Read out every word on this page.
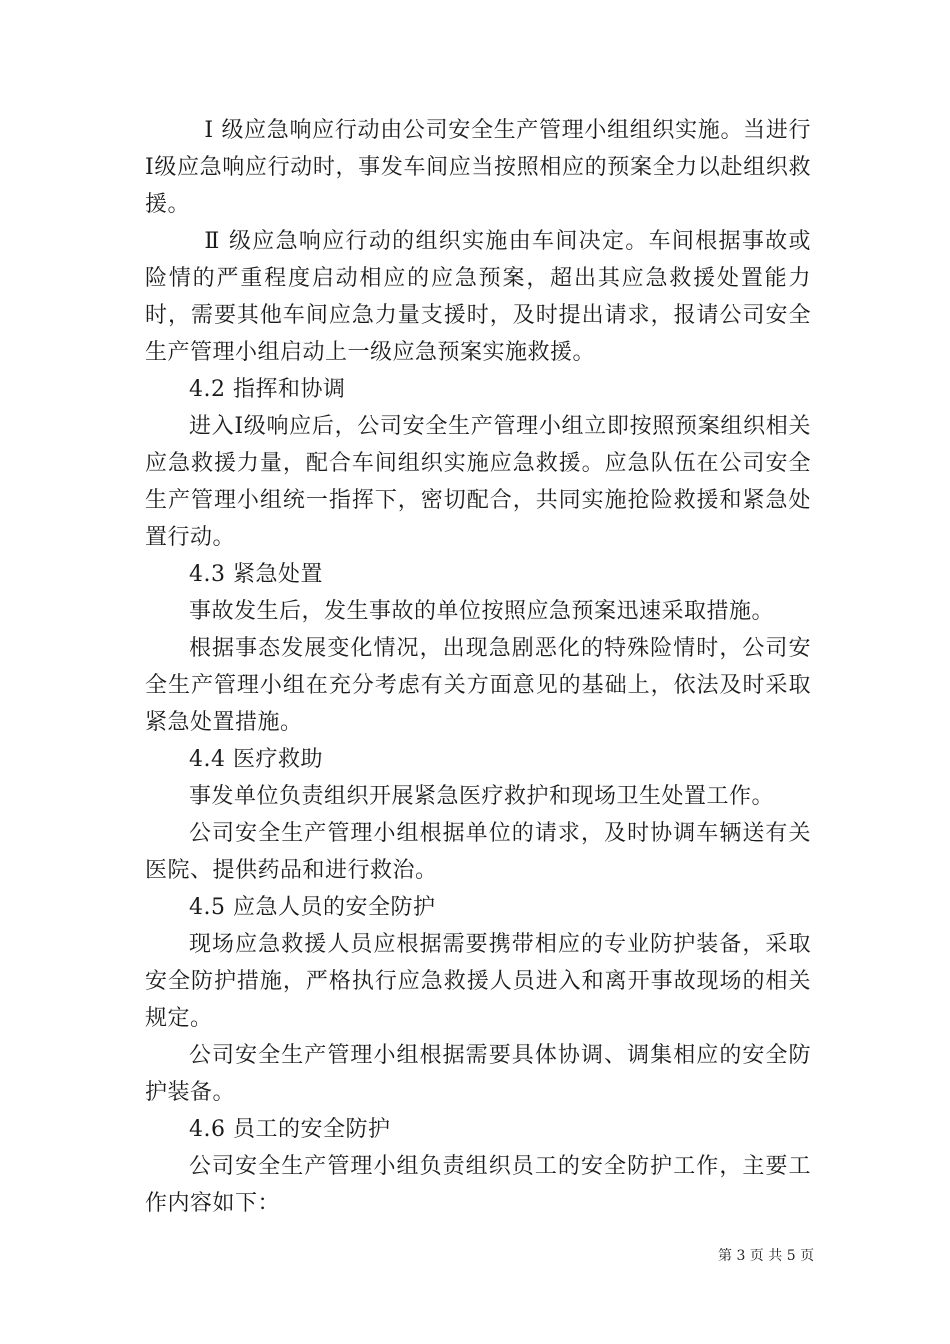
Ⅰ 级应急响应行动由公司安全生产管理小组组织实施。当进行Ⅰ级应急响应行动时，事发车间应当按照相应的预案全力以赴组织救援。

Ⅱ 级应急响应行动的组织实施由车间决定。车间根据事故或险情的严重程度启动相应的应急预案，超出其应急救援处置能力时，需要其他车间应急力量支援时，及时提出请求，报请公司安全生产管理小组启动上一级应急预案实施救援。

4.2 指挥和协调

进入Ⅰ级响应后，公司安全生产管理小组立即按照预案组织相关应急救援力量，配合车间组织实施应急救援。应急队伍在公司安全生产管理小组统一指挥下，密切配合，共同实施抢险救援和紧急处置行动。

4.3 紧急处置

事故发生后，发生事故的单位按照应急预案迅速采取措施。

根据事态发展变化情况，出现急剧恶化的特殊险情时，公司安全生产管理小组在充分考虑有关方面意见的基础上，依法及时采取紧急处置措施。

4.4 医疗救助

事发单位负责组织开展紧急医疗救护和现场卫生处置工作。

公司安全生产管理小组根据单位的请求，及时协调车辆送有关医院、提供药品和进行救治。

4.5 应急人员的安全防护

现场应急救援人员应根据需要携带相应的专业防护装备，采取安全防护措施，严格执行应急救援人员进入和离开事故现场的相关规定。

公司安全生产管理小组根据需要具体协调、调集相应的安全防护装备。

4.6 员工的安全防护

公司安全生产管理小组负责组织员工的安全防护工作，主要工作内容如下：

第 3 页 共 5 页
